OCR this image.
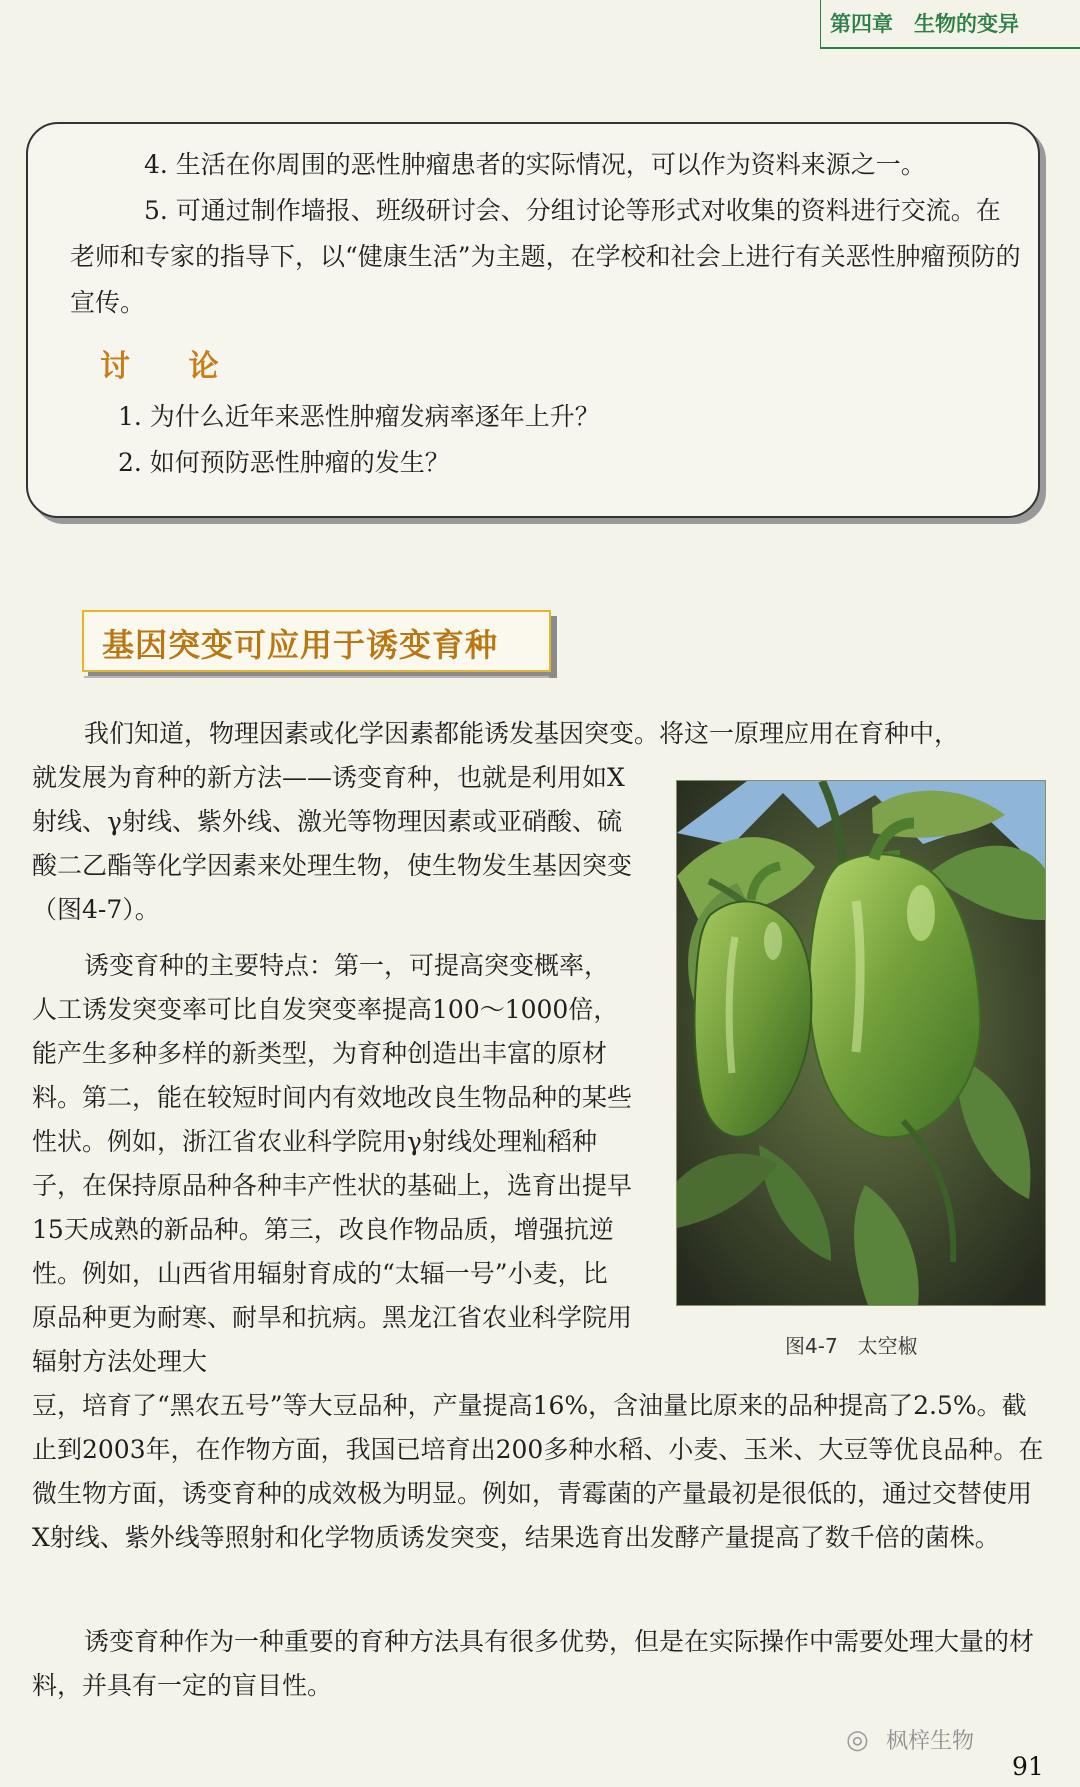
第四章　生物的变异

4. 生活在你周围的恶性肿瘤患者的实际情况，可以作为资料来源之一。

5. 可通过制作墙报、班级研讨会、分组讨论等形式对收集的资料进行交流。在老师和专家的指导下，以“健康生活”为主题，在学校和社会上进行有关恶性肿瘤预防的宣传。

讨 论
1. 为什么近年来恶性肿瘤发病率逐年上升？
2. 如何预防恶性肿瘤的发生？
基因突变可应用于诱变育种

我们知道，物理因素或化学因素都能诱发基因突变。将这一原理应用在育种中，

就发展为育种的新方法——诱变育种，也就是利用如X射线、γ射线、紫外线、激光等物理因素或亚硝酸、硫酸二乙酯等化学因素来处理生物，使生物发生基因突变（图4-7）。

诱变育种的主要特点：第一，可提高突变概率，人工诱发突变率可比自发突变率提高100～1000倍，能产生多种多样的新类型，为育种创造出丰富的原材料。第二，能在较短时间内有效地改良生物品种的某些性状。例如，浙江省农业科学院用γ射线处理籼稻种子，在保持原品种各种丰产性状的基础上，选育出提早15天成熟的新品种。第三，改良作物品质，增强抗逆性。例如，山西省用辐射育成的“太辐一号”小麦，比原品种更为耐寒、耐旱和抗病。黑龙江省农业科学院用辐射方法处理大

豆，培育了“黑农五号”等大豆品种，产量提高16%，含油量比原来的品种提高了2.5%。截止到2003年，在作物方面，我国已培育出200多种水稻、小麦、玉米、大豆等优良品种。在微生物方面，诱变育种的成效极为明显。例如，青霉菌的产量最初是很低的，通过交替使用X射线、紫外线等照射和化学物质诱发突变，结果选育出发酵产量提高了数千倍的菌株。

诱变育种作为一种重要的育种方法具有很多优势，但是在实际操作中需要处理大量的材料，并具有一定的盲目性。

图4-7　太空椒
◎ 枫梓生物
91
